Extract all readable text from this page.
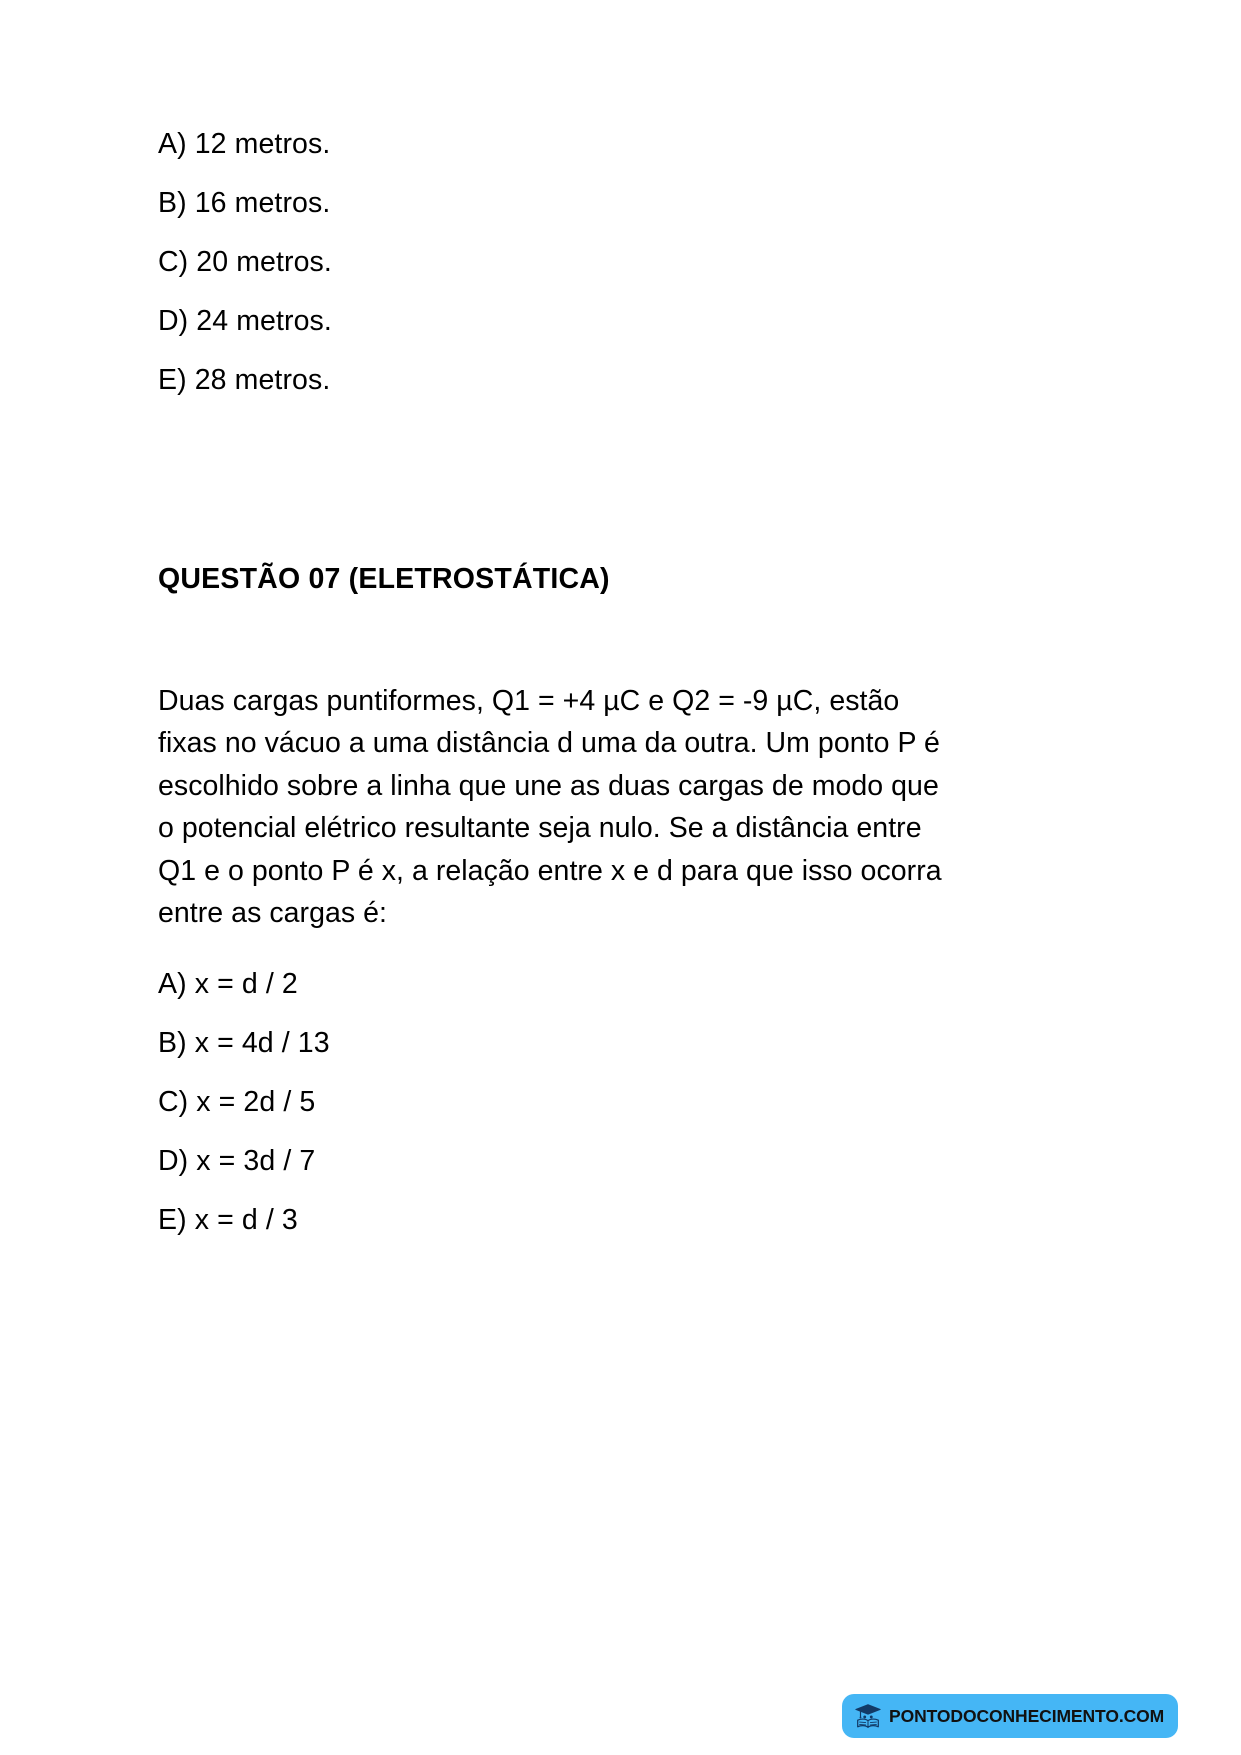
A) 12 metros.
B) 16 metros.
C) 20 metros.
D) 24 metros.
E) 28 metros.
QUESTÃO 07 (ELETROSTÁTICA)

Duas cargas puntiformes, Q1 = +4 µC e Q2 = -9 µC, estão fixas no vácuo a uma distância d uma da outra. Um ponto P é escolhido sobre a linha que une as duas cargas de modo que o potencial elétrico resultante seja nulo. Se a distância entre Q1 e o ponto P é x, a relação entre x e d para que isso ocorra entre as cargas é:

A) x = d / 2
B) x = 4d / 13
C) x = 2d / 5
D) x = 3d / 7
E) x = d / 3
PONTODOCONHECIMENTO.COM
